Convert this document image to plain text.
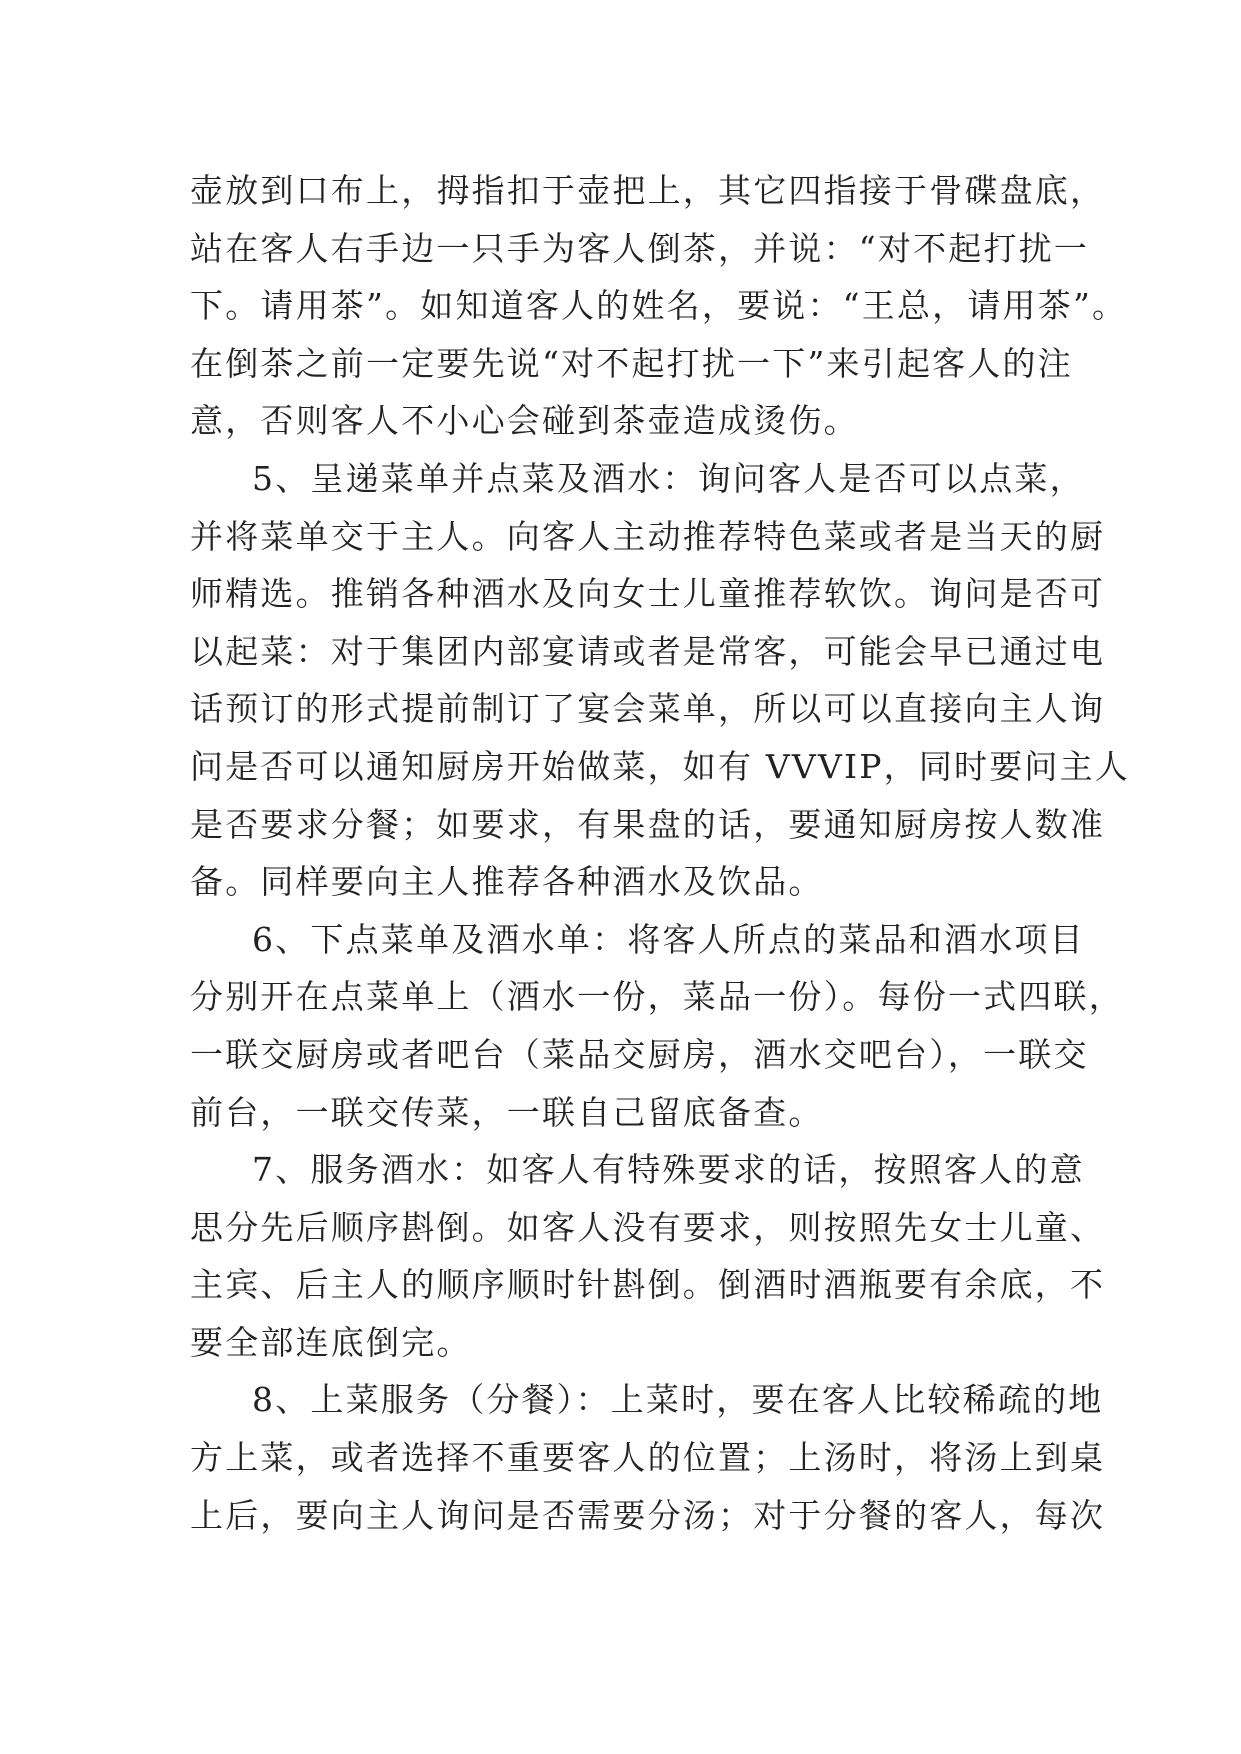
壶放到口布上，拇指扣于壶把上，其它四指接于骨碟盘底，
站在客人右手边一只手为客人倒茶，并说：“对不起打扰一
下。请用茶”。如知道客人的姓名，要说：“王总，请用茶”。
在倒茶之前一定要先说“对不起打扰一下”来引起客人的注
意，否则客人不小心会碰到茶壶造成烫伤。
5、呈递菜单并点菜及酒水：询问客人是否可以点菜，
并将菜单交于主人。向客人主动推荐特色菜或者是当天的厨
师精选。推销各种酒水及向女士儿童推荐软饮。询问是否可
以起菜：对于集团内部宴请或者是常客，可能会早已通过电
话预订的形式提前制订了宴会菜单，所以可以直接向主人询
问是否可以通知厨房开始做菜，如有 VVVIP，同时要问主人
是否要求分餐；如要求，有果盘的话，要通知厨房按人数准
备。同样要向主人推荐各种酒水及饮品。
6、下点菜单及酒水单：将客人所点的菜品和酒水项目
分别开在点菜单上（酒水一份，菜品一份）。每份一式四联，
一联交厨房或者吧台（菜品交厨房，酒水交吧台），一联交
前台，一联交传菜，一联自己留底备查。
7、服务酒水：如客人有特殊要求的话，按照客人的意
思分先后顺序斟倒。如客人没有要求，则按照先女士儿童、
主宾、后主人的顺序顺时针斟倒。倒酒时酒瓶要有余底，不
要全部连底倒完。
8、上菜服务（分餐）：上菜时，要在客人比较稀疏的地
方上菜，或者选择不重要客人的位置；上汤时，将汤上到桌
上后，要向主人询问是否需要分汤；对于分餐的客人，每次
